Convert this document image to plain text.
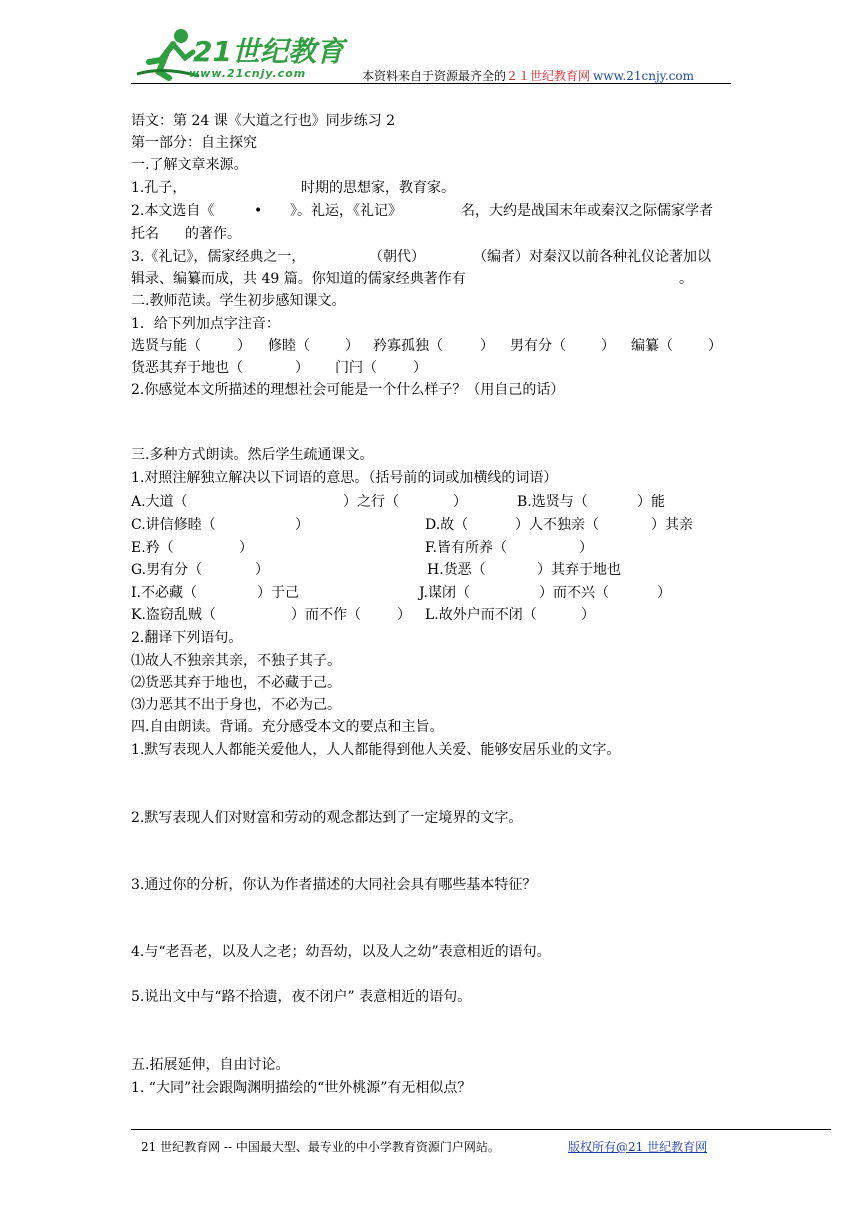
21世纪教育
www.21cnjy.com	本资料来自于资源最齐全的２１世纪教育网 www.21cnjy.com
语文：第 24 课《大道之行也》同步练习 2
第一部分：自主探究
一.了解文章来源。
1.孔子，	时期的思想家，教育家。
2.本文选自《	• 》。礼运，《礼记》	名，大约是战国末年或秦汉之际儒家学者
托名 的著作。
3.《礼记》，儒家经典之一，	（朝代）	（编者）对秦汉以前各种礼仪论著加以
辑录、编纂而成，共 49 篇。你知道的儒家经典著作有	。
二.教师范读。学生初步感知课文。
1．给下列加点字注音：
选贤与能（	） 修睦（	） 矜寡孤独（	） 男有分（	） 编纂（	）
货恶其弃于地也（	） 门闩（	）
2.你感觉本文所描述的理想社会可能是一个什么样子？（用自己的话）
三.多种方式朗读。然后学生疏通课文。
1.对照注解独立解决以下词语的意思。（括号前的词或加横线的词语）
A.大道（	）之行（	）	B.选贤与（	）能
C.讲信修睦（	）	D.故（	）人不独亲（	）其亲
E.矜（	）	F.皆有所养（	）
G.男有分（	）	H.货恶（	）其弃于地也
I.不必藏（	）于己	J.谋闭（	）而不兴（	）
K.盗窃乱贼（	）而不作（	） L.故外户而不闭（	）
2.翻译下列语句。
⑴故人不独亲其亲，不独子其子。
⑵货恶其弃于地也，不必藏于己。
⑶力恶其不出于身也，不必为己。
四.自由朗读。背诵。充分感受本文的要点和主旨。
1.默写表现人人都能关爱他人，人人都能得到他人关爱、能够安居乐业的文字。
2.默写表现人们对财富和劳动的观念都达到了一定境界的文字。
3.通过你的分析，你认为作者描述的大同社会具有哪些基本特征？
4.与“老吾老，以及人之老；幼吾幼，以及人之幼”表意相近的语句。
5.说出文中与“路不拾遗，夜不闭户” 表意相近的语句。
五.拓展延伸，自由讨论。
1. “大同”社会跟陶渊明描绘的“世外桃源”有无相似点？
21 世纪教育网 -- 中国最大型、最专业的中小学教育资源门户网站。	版权所有@21 世纪教育网
